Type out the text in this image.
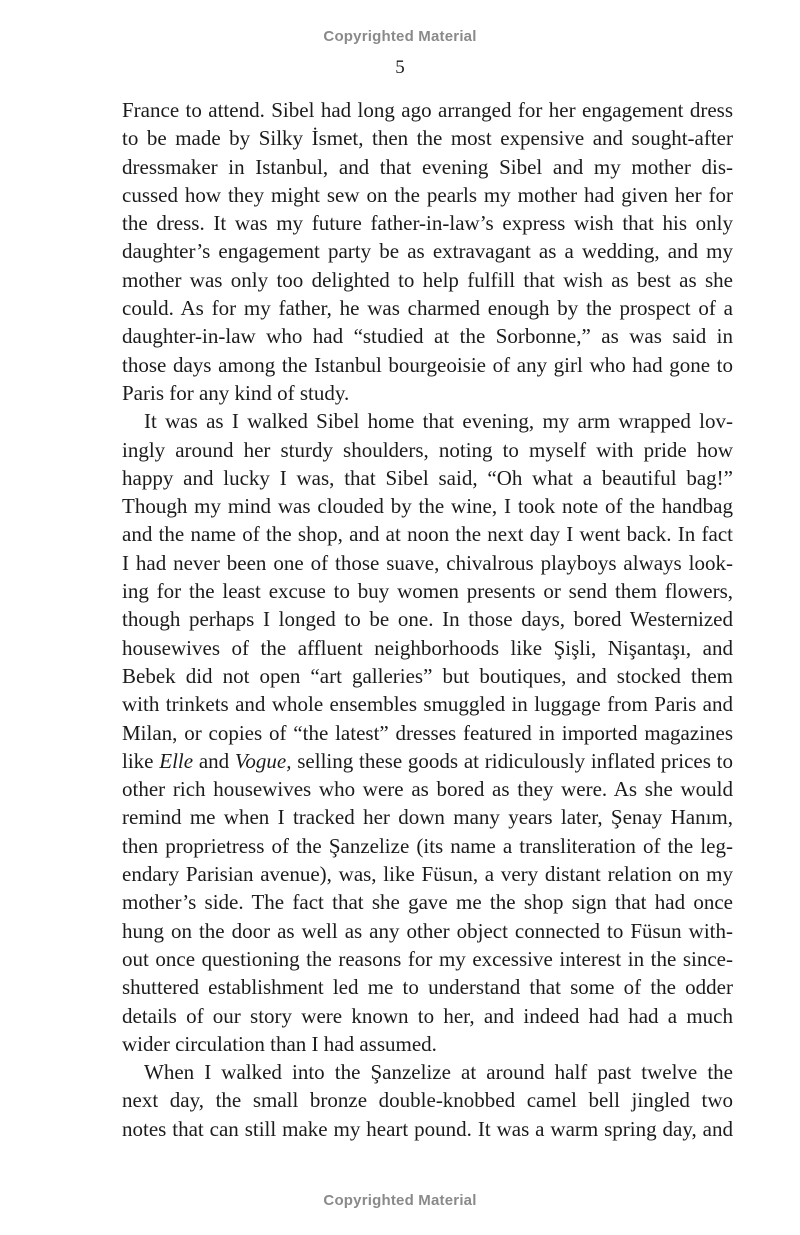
Copyrighted Material
5
France to attend. Sibel had long ago arranged for her engagement dress
to be made by Silky İsmet, then the most expensive and sought-after
dressmaker in Istanbul, and that evening Sibel and my mother dis-
cussed how they might sew on the pearls my mother had given her for
the dress. It was my future father-in-law’s express wish that his only
daughter’s engagement party be as extravagant as a wedding, and my
mother was only too delighted to help fulfill that wish as best as she
could. As for my father, he was charmed enough by the prospect of a
daughter-in-law who had “studied at the Sorbonne,” as was said in
those days among the Istanbul bourgeoisie of any girl who had gone to
Paris for any kind of study.
It was as I walked Sibel home that evening, my arm wrapped lov-
ingly around her sturdy shoulders, noting to myself with pride how
happy and lucky I was, that Sibel said, “Oh what a beautiful bag!”
Though my mind was clouded by the wine, I took note of the handbag
and the name of the shop, and at noon the next day I went back. In fact
I had never been one of those suave, chivalrous playboys always look-
ing for the least excuse to buy women presents or send them flowers,
though perhaps I longed to be one. In those days, bored Westernized
housewives of the affluent neighborhoods like Şişli, Nişantaşı, and
Bebek did not open “art galleries” but boutiques, and stocked them
with trinkets and whole ensembles smuggled in luggage from Paris and
Milan, or copies of “the latest” dresses featured in imported magazines
like Elle and Vogue, selling these goods at ridiculously inflated prices to
other rich housewives who were as bored as they were. As she would
remind me when I tracked her down many years later, Şenay Hanım,
then proprietress of the Şanzelize (its name a transliteration of the leg-
endary Parisian avenue), was, like Füsun, a very distant relation on my
mother’s side. The fact that she gave me the shop sign that had once
hung on the door as well as any other object connected to Füsun with-
out once questioning the reasons for my excessive interest in the since-
shuttered establishment led me to understand that some of the odder
details of our story were known to her, and indeed had had a much
wider circulation than I had assumed.
When I walked into the Şanzelize at around half past twelve the
next day, the small bronze double-knobbed camel bell jingled two
notes that can still make my heart pound. It was a warm spring day, and
Copyrighted Material
